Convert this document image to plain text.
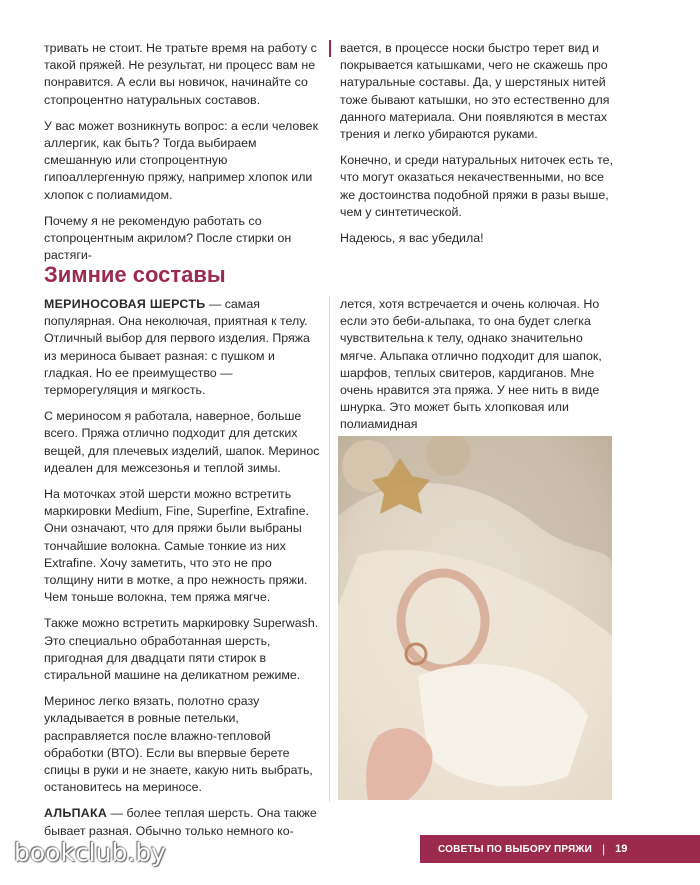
тривать не стоит. Не тратьте время на работу с такой пряжей. Не результат, ни процесс вам не понравится. А если вы новичок, начинайте со стопроцентно натуральных составов.

У вас может возникнуть вопрос: а если человек аллергик, как быть? Тогда выбираем смешанную или стопроцентную гипоаллергенную пряжу, например хлопок или хлопок с полиамидом.

Почему я не рекомендую работать со стопроцентным акрилом? После стирки он растяги-

вается, в процессе носки быстро терет вид и покрывается катышками, чего не скажешь про натуральные составы. Да, у шерстяных нитей тоже бывают катышки, но это естественно для данного материала. Они появляются в местах трения и легко убираются руками.

Конечно, и среди натуральных ниточек есть те, что могут оказаться некачественными, но все же достоинства подобной пряжи в разы выше, чем у синтетической.

Надеюсь, я вас убедила!

Зимние составы

МЕРИНОСОВАЯ ШЕРСТЬ — самая популярная. Она неколючая, приятная к телу. Отличный выбор для первого изделия. Пряжа из мериноса бывает разная: с пушком и гладкая. Но ее преимущество — терморегуляция и мягкость.

С мериносом я работала, наверное, больше всего. Пряжа отлично подходит для детских вещей, для плечевых изделий, шапок. Меринос идеален для межсезонья и теплой зимы.

На моточках этой шерсти можно встретить маркировки Medium, Fine, Superfine, Extrafine. Они означают, что для пряжи были выбраны тончайшие волокна. Самые тонкие из них Extrafine. Хочу заметить, что это не про толщину нити в мотке, а про нежность пряжи. Чем тоньше волокна, тем пряжа мягче.

Также можно встретить маркировку Superwash. Это специально обработанная шерсть, пригодная для двадцати пяти стирок в стиральной машине на деликатном режиме.

Меринос легко вязать, полотно сразу укладывается в ровные петельки, расправляется после влажно-тепловой обработки (ВТО). Если вы впервые берете спицы в руки и не знаете, какую нить выбрать, остановитесь на мериносе.

АЛЬПАКА — более теплая шерсть. Она также бывает разная. Обычно только немного ко-

лется, хотя встречается и очень колючая. Но если это беби-альпака, то она будет слегка чувствительна к телу, однако значительно мягче. Альпака отлично подходит для шапок, шарфов, теплых свитеров, кардиганов. Мне очень нравится эта пряжа. У нее нить в виде шнурка. Это может быть хлопковая или полиамидная

СОВЕТЫ ПО ВЫБОРУ ПРЯЖИ | 19
bookclub.by
